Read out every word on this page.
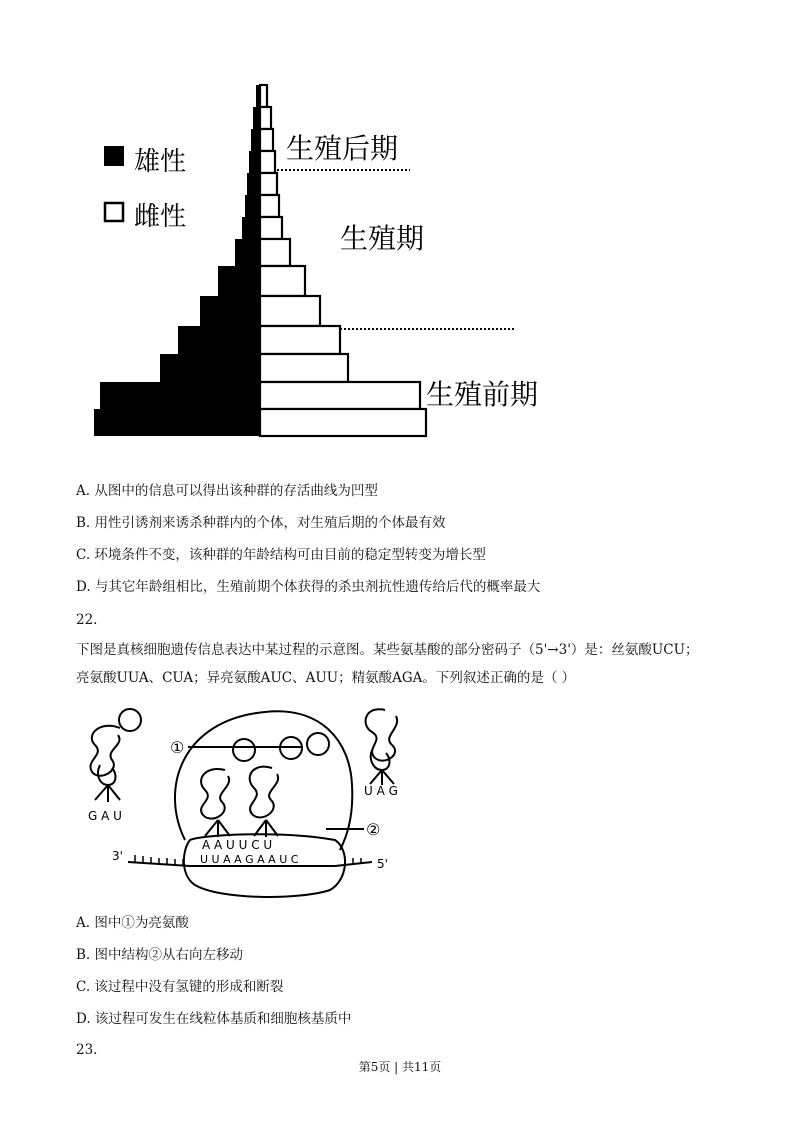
雄性
雌性
生殖后期
生殖期
生殖前期
A. 从图中的信息可以得出该种群的存活曲线为凹型
B. 用性引诱剂来诱杀种群内的个体，对生殖后期的个体最有效
C. 环境条件不变，该种群的年龄结构可由目前的稳定型转变为增长型
D. 与其它年龄组相比，生殖前期个体获得的杀虫剂抗性遗传给后代的概率最大
22.
下图是真核细胞遗传信息表达中某过程的示意图。某些氨基酸的部分密码子（5'→3'）是：丝氨酸UCU；
亮氨酸UUA、CUA；异亮氨酸AUC、AUU；精氨酸AGA。下列叙述正确的是（ ）
①
②
G A U
U A G
A A U U C U
U U A A G A A U C
3'
5'
A. 图中①为亮氨酸
B. 图中结构②从右向左移动
C. 该过程中没有氢键的形成和断裂
D. 该过程可发生在线粒体基质和细胞核基质中
23.
第5页 | 共11页
